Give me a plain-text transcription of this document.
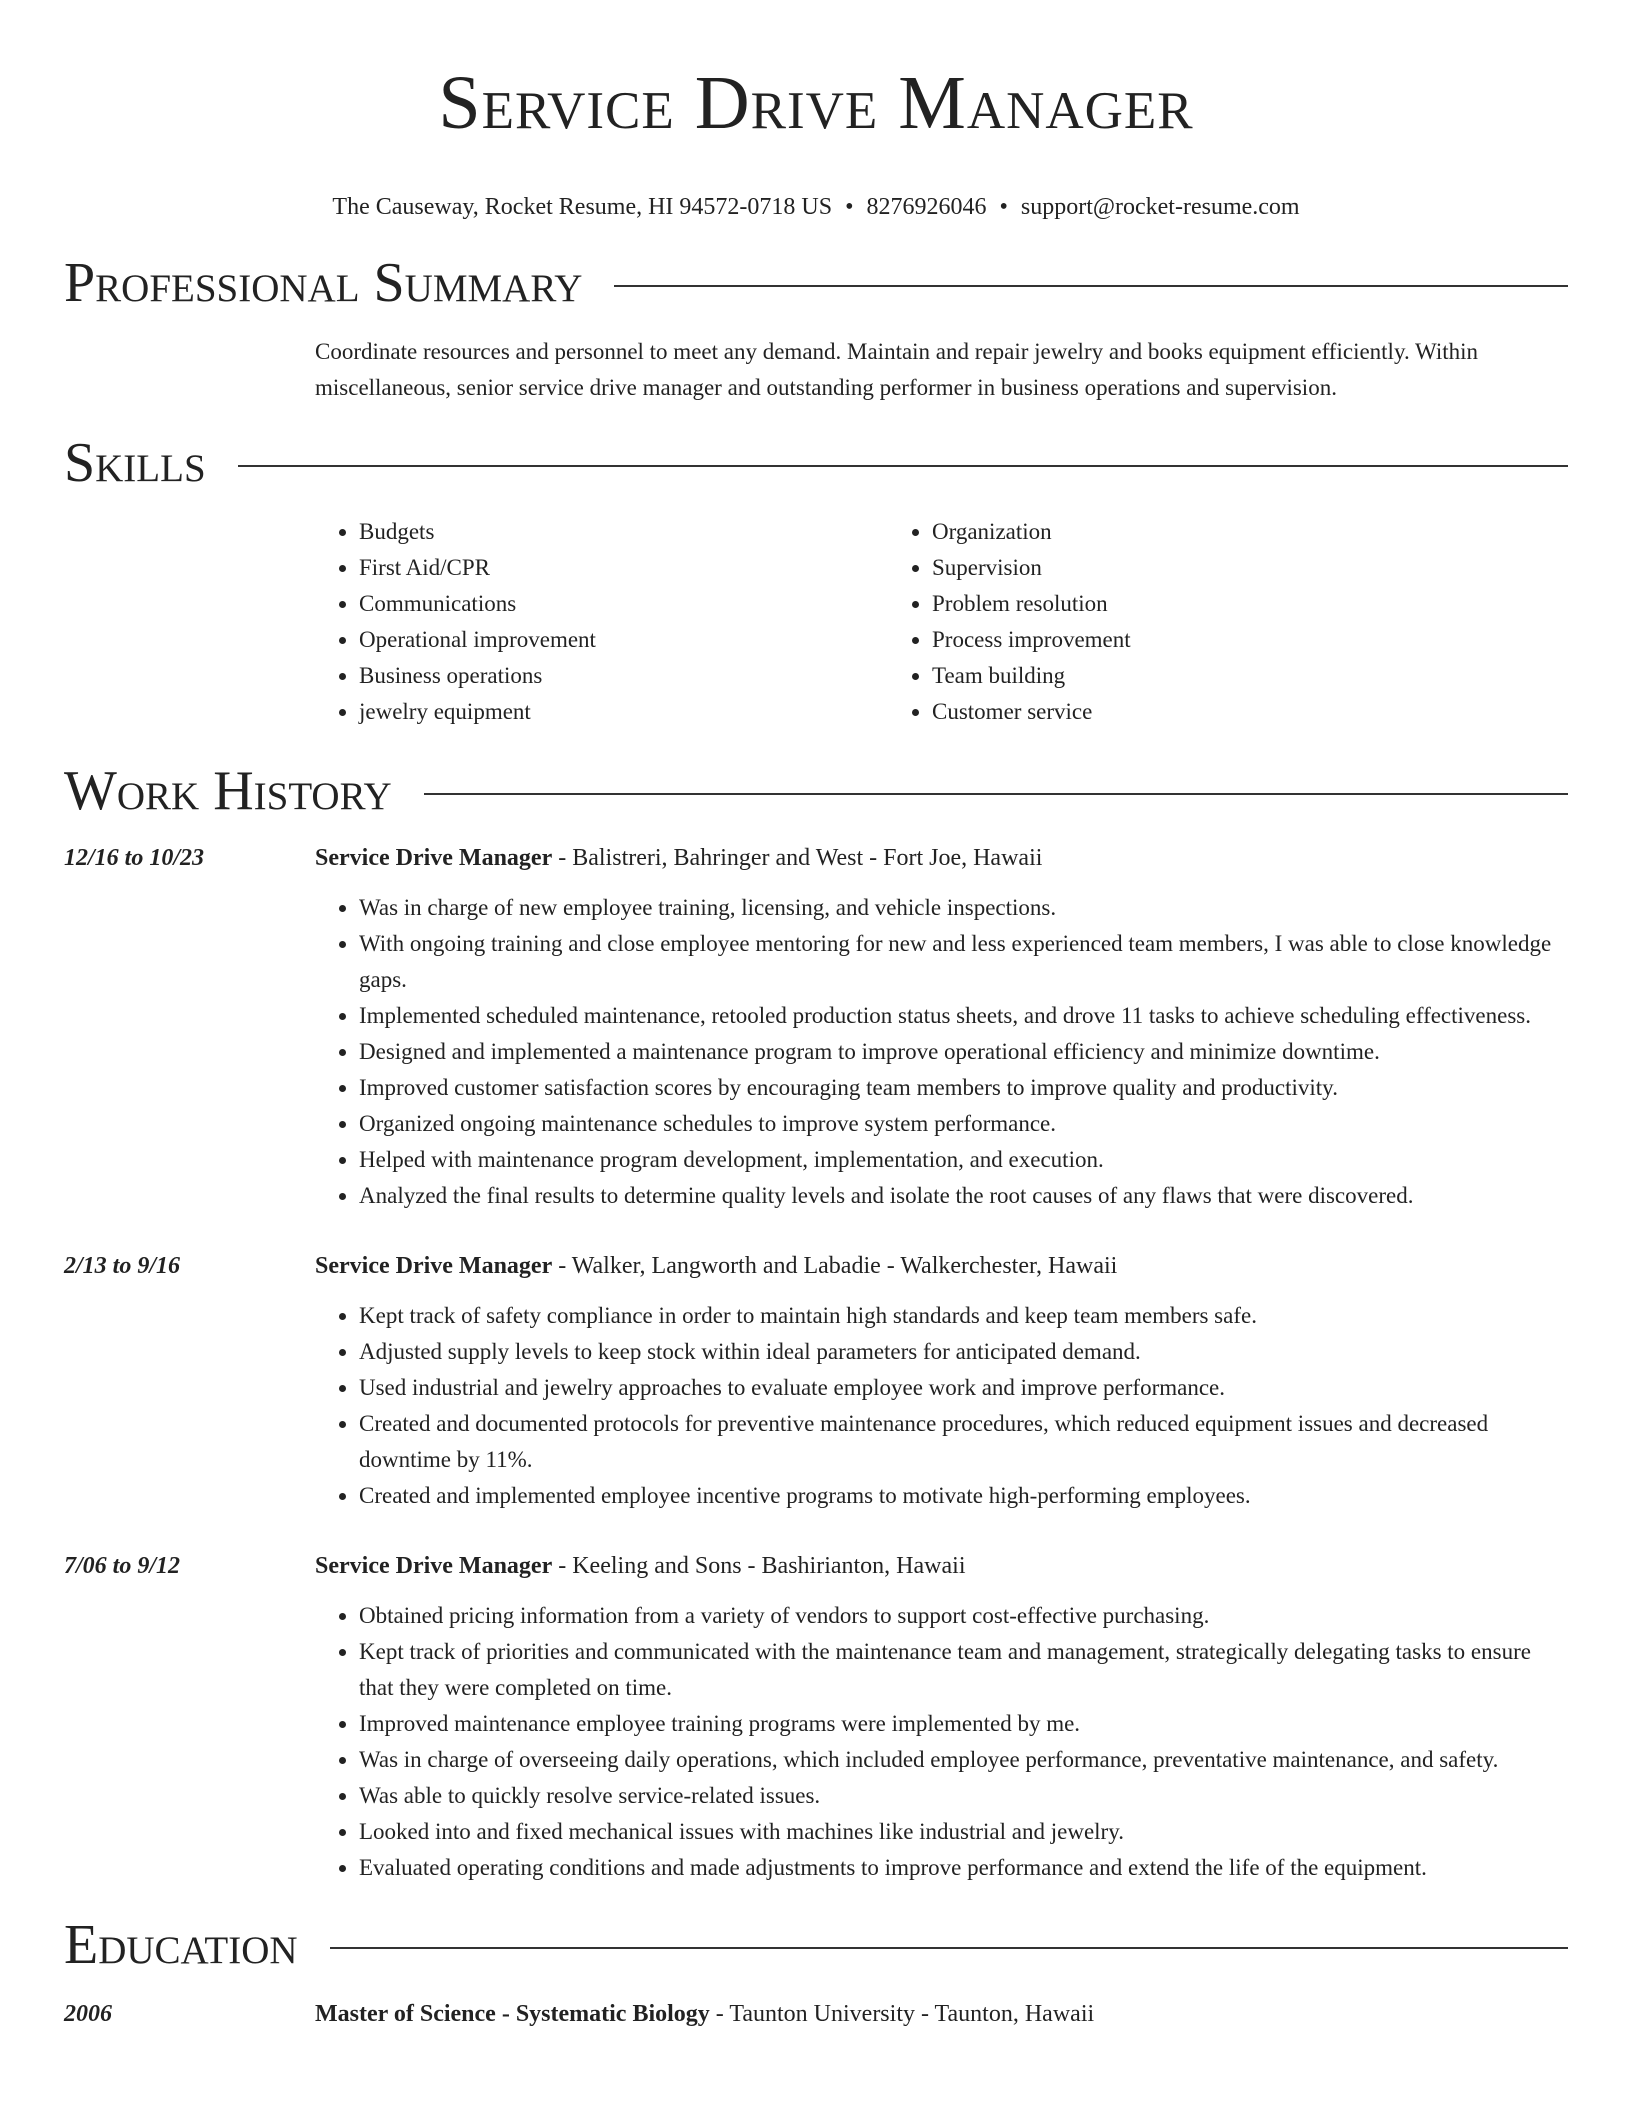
Service Drive Manager
The Causeway, Rocket Resume, HI 94572-0718 US • 8276926046 • support@rocket-resume.com
Professional Summary
Coordinate resources and personnel to meet any demand. Maintain and repair jewelry and books equipment efficiently. Within miscellaneous, senior service drive manager and outstanding performer in business operations and supervision.
Skills
• Budgets
• First Aid/CPR
• Communications
• Operational improvement
• Business operations
• jewelry equipment
• Organization
• Supervision
• Problem resolution
• Process improvement
• Team building
• Customer service
Work History
12/16 to 10/23	Service Drive Manager - Balistreri, Bahringer and West - Fort Joe, Hawaii
• Was in charge of new employee training, licensing, and vehicle inspections.
• With ongoing training and close employee mentoring for new and less experienced team members, I was able to close knowledge gaps.
• Implemented scheduled maintenance, retooled production status sheets, and drove 11 tasks to achieve scheduling effectiveness.
• Designed and implemented a maintenance program to improve operational efficiency and minimize downtime.
• Improved customer satisfaction scores by encouraging team members to improve quality and productivity.
• Organized ongoing maintenance schedules to improve system performance.
• Helped with maintenance program development, implementation, and execution.
• Analyzed the final results to determine quality levels and isolate the root causes of any flaws that were discovered.
2/13 to 9/16	Service Drive Manager - Walker, Langworth and Labadie - Walkerchester, Hawaii
• Kept track of safety compliance in order to maintain high standards and keep team members safe.
• Adjusted supply levels to keep stock within ideal parameters for anticipated demand.
• Used industrial and jewelry approaches to evaluate employee work and improve performance.
• Created and documented protocols for preventive maintenance procedures, which reduced equipment issues and decreased downtime by 11%.
• Created and implemented employee incentive programs to motivate high-performing employees.
7/06 to 9/12	Service Drive Manager - Keeling and Sons - Bashirianton, Hawaii
• Obtained pricing information from a variety of vendors to support cost-effective purchasing.
• Kept track of priorities and communicated with the maintenance team and management, strategically delegating tasks to ensure that they were completed on time.
• Improved maintenance employee training programs were implemented by me.
• Was in charge of overseeing daily operations, which included employee performance, preventative maintenance, and safety.
• Was able to quickly resolve service-related issues.
• Looked into and fixed mechanical issues with machines like industrial and jewelry.
• Evaluated operating conditions and made adjustments to improve performance and extend the life of the equipment.
Education
2006	Master of Science - Systematic Biology - Taunton University - Taunton, Hawaii
